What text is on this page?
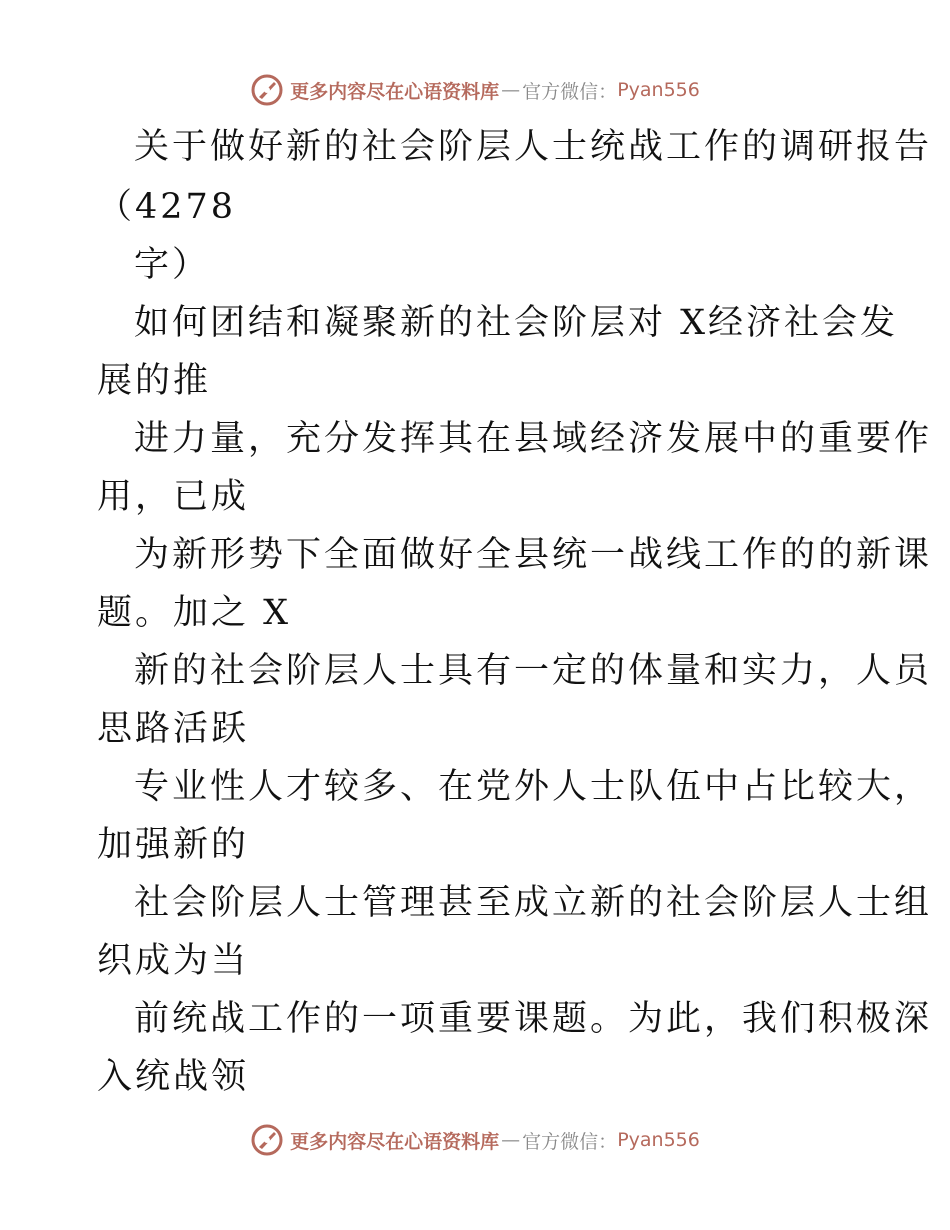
更多内容尽在心语资料库 — 官方微信： Pyan556
关于做好新的社会阶层人士统战工作的调研报告
（4278
字）
如何团结和凝聚新的社会阶层对 X经济社会发
展的推
进力量，充分发挥其在县域经济发展中的重要作
用，已成
为新形势下全面做好全县统一战线工作的的新课
题。加之 X
新的社会阶层人士具有一定的体量和实力，人员
思路活跃
专业性人才较多、在党外人士队伍中占比较大，
加强新的
社会阶层人士管理甚至成立新的社会阶层人士组
织成为当
前统战工作的一项重要课题。为此，我们积极深
入统战领
更多内容尽在心语资料库 — 官方微信： Pyan556
